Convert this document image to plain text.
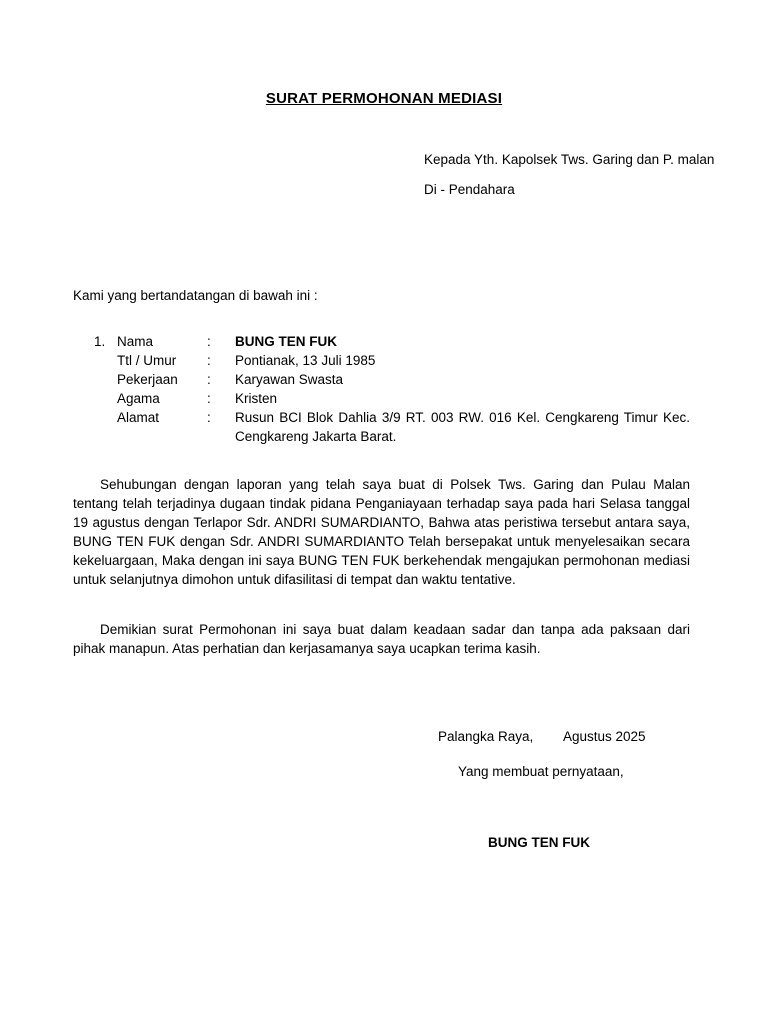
SURAT PERMOHONAN MEDIASI
Kepada Yth. Kapolsek Tws. Garing dan P. malan
Di - Pendahara
Kami yang bertandatangan di bawah ini :
1. Nama	:	BUNG TEN FUK
Ttl / Umur	:	Pontianak, 13 Juli 1985
Pekerjaan	:	Karyawan Swasta
Agama	:	Kristen
Alamat	:	Rusun BCI Blok Dahlia 3/9 RT. 003 RW. 016 Kel. Cengkareng Timur Kec. Cengkareng Jakarta Barat.
Sehubungan dengan laporan yang telah saya buat di Polsek Tws. Garing dan Pulau Malan tentang telah terjadinya dugaan tindak pidana Penganiayaan terhadap saya pada hari Selasa tanggal 19 agustus dengan Terlapor Sdr. ANDRI SUMARDIANTO, Bahwa atas peristiwa tersebut antara saya, BUNG TEN FUK dengan Sdr. ANDRI SUMARDIANTO Telah bersepakat untuk menyelesaikan secara kekeluargaan, Maka dengan ini saya BUNG TEN FUK berkehendak mengajukan permohonan mediasi untuk selanjutnya dimohon untuk difasilitasi di tempat dan waktu tentative.
Demikian surat Permohonan ini saya buat dalam keadaan sadar dan tanpa ada paksaan dari pihak manapun. Atas perhatian dan kerjasamanya saya ucapkan terima kasih.
Palangka Raya, Agustus 2025
Yang membuat pernyataan,
BUNG TEN FUK
